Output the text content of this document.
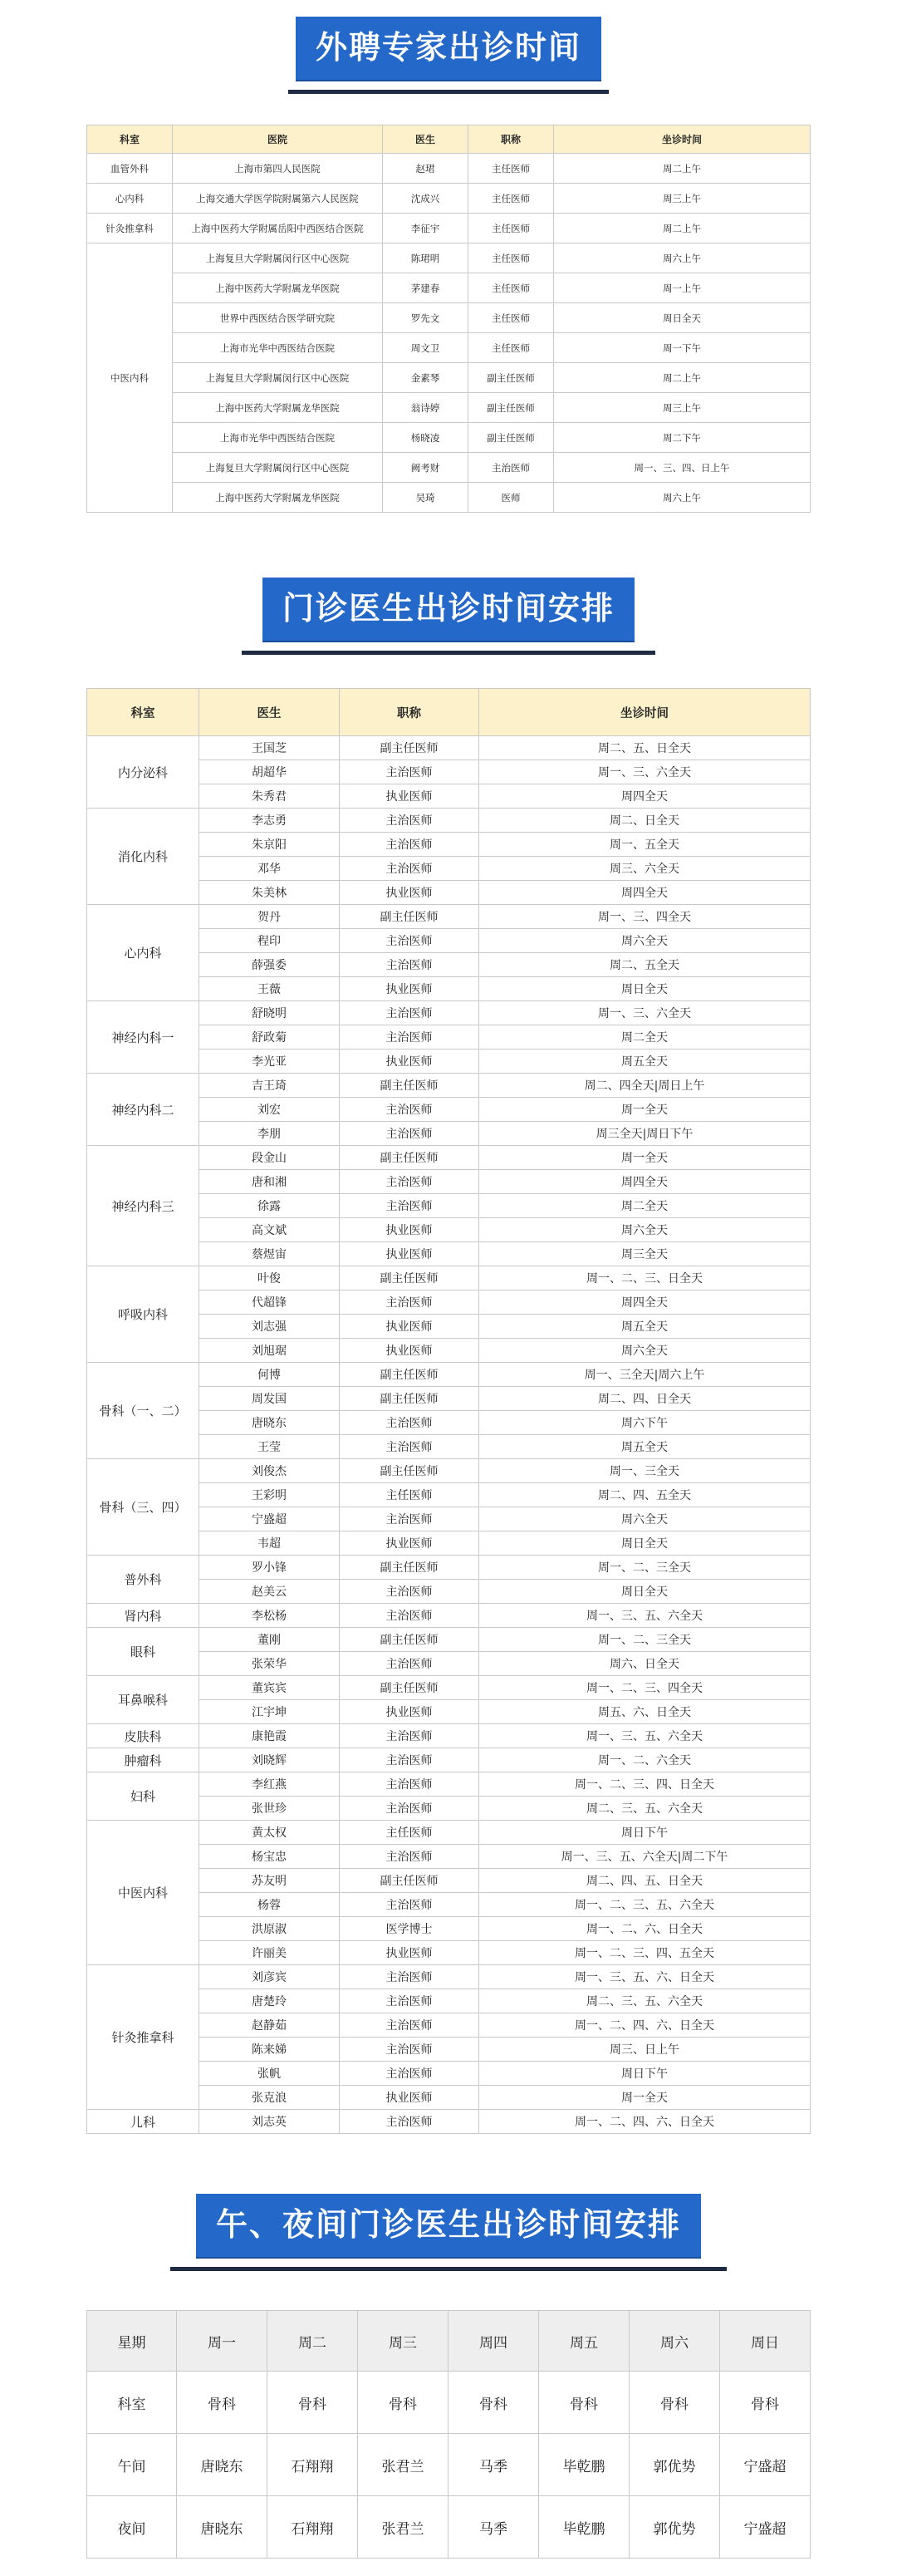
外聘专家出诊时间
科室	医院	医生	职称	坐诊时间
血管外科	上海市第四人民医院	赵珺	主任医师	周二上午
心内科	上海交通大学医学院附属第六人民医院	沈成兴	主任医师	周三上午
针灸推拿科	上海中医药大学附属岳阳中西医结合医院	李征宇	主任医师	周二上午
中医内科	上海复旦大学附属闵行区中心医院	陈珺明	主任医师	周六上午
	上海中医药大学附属龙华医院	茅建春	主任医师	周一上午
	世界中西医结合医学研究院	罗先文	主任医师	周日全天
	上海市光华中西医结合医院	周文卫	主任医师	周一下午
	上海复旦大学附属闵行区中心医院	金素琴	副主任医师	周二上午
	上海中医药大学附属龙华医院	翁诗婷	副主任医师	周三上午
	上海市光华中西医结合医院	杨晓凌	副主任医师	周二下午
	上海复旦大学附属闵行区中心医院	阙考财	主治医师	周一、三、四、日上午
	上海中医药大学附属龙华医院	吴琦	医师	周六上午
门诊医生出诊时间安排
科室	医生	职称	坐诊时间
内分泌科	王国芝	副主任医师	周二、五、日全天
	胡超华	主治医师	周一、三、六全天
	朱秀君	执业医师	周四全天
消化内科	李志勇	主治医师	周二、日全天
	朱京阳	主治医师	周一、五全天
	邓华	主治医师	周三、六全天
	朱美林	执业医师	周四全天
心内科	贺丹	副主任医师	周一、三、四全天
	程印	主治医师	周六全天
	薛强委	主治医师	周二、五全天
	王薇	执业医师	周日全天
神经内科一	舒晓明	主治医师	周一、三、六全天
	舒政菊	主治医师	周二全天
	李光亚	执业医师	周五全天
神经内科二	吉王琦	副主任医师	周二、四全天|周日上午
	刘宏	主治医师	周一全天
	李朋	主治医师	周三全天|周日下午
神经内科三	段金山	副主任医师	周一全天
	唐和湘	主治医师	周四全天
	徐露	主治医师	周二全天
	高文斌	执业医师	周六全天
	蔡煜宙	执业医师	周三全天
呼吸内科	叶俊	副主任医师	周一、二、三、日全天
	代超锋	主治医师	周四全天
	刘志强	执业医师	周五全天
	刘旭琚	执业医师	周六全天
骨科（一、二）	何博	副主任医师	周一、三全天|周六上午
	周发国	副主任医师	周二、四、日全天
	唐晓东	主治医师	周六下午
	王莹	主治医师	周五全天
骨科（三、四）	刘俊杰	副主任医师	周一、三全天
	王彩明	主任医师	周二、四、五全天
	宁盛超	主治医师	周六全天
	韦超	执业医师	周日全天
普外科	罗小锋	副主任医师	周一、二、三全天
	赵美云	主治医师	周日全天
肾内科	李松杨	主治医师	周一、三、五、六全天
眼科	董刚	副主任医师	周一、二、三全天
	张荣华	主治医师	周六、日全天
耳鼻喉科	董宾宾	副主任医师	周一、二、三、四全天
	江宇坤	执业医师	周五、六、日全天
皮肤科	康艳霞	主治医师	周一、三、五、六全天
肿瘤科	刘晓辉	主治医师	周一、二、六全天
妇科	李红燕	主治医师	周一、二、三、四、日全天
	张世珍	主治医师	周二、三、五、六全天
中医内科	黄太权	主任医师	周日下午
	杨宝忠	主治医师	周一、三、五、六全天|周二下午
	苏友明	副主任医师	周二、四、五、日全天
	杨蓉	主治医师	周一、二、三、五、六全天
	洪原淑	医学博士	周一、二、六、日全天
	许丽美	执业医师	周一、二、三、四、五全天
针灸推拿科	刘彦宾	主治医师	周一、三、五、六、日全天
	唐楚玲	主治医师	周二、三、五、六全天
	赵静茹	主治医师	周一、二、四、六、日全天
	陈来娣	主治医师	周三、日上午
	张帆	主治医师	周日下午
	张克浪	执业医师	周一全天
儿科	刘志英	主治医师	周一、二、四、六、日全天
午、夜间门诊医生出诊时间安排
星期	周一	周二	周三	周四	周五	周六	周日
科室	骨科	骨科	骨科	骨科	骨科	骨科	骨科
午间	唐晓东	石翔翔	张君兰	马季	毕乾鹏	郭优势	宁盛超
夜间	唐晓东	石翔翔	张君兰	马季	毕乾鹏	郭优势	宁盛超
